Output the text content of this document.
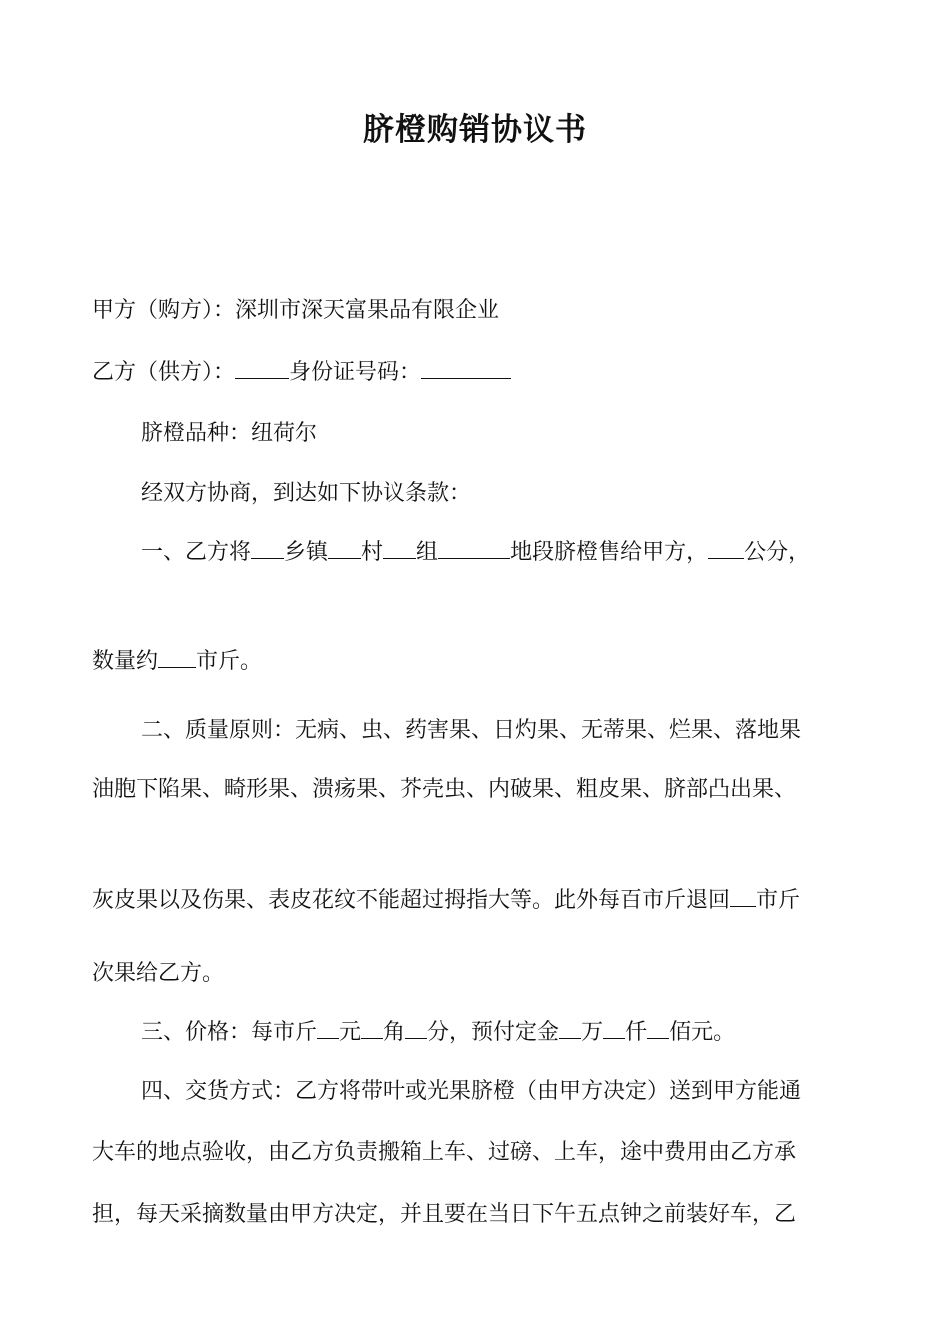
脐橙购销协议书
甲方（购方）：深圳市深天富果品有限企业
乙方（供方）： 身份证号码：
脐橙品种：纽荷尔
经双方协商，到达如下协议条款：
一、乙方将 乡镇 村 组	地段脐橙售给甲方， 公分，
数量约 市斤。
二、质量原则：无病、虫、药害果、日灼果、无蒂果、烂果、落地果
油胞下陷果、畸形果、溃疡果、芥壳虫、内破果、粗皮果、脐部凸出果、
灰皮果以及伤果、表皮花纹不能超过拇指大等。此外每百市斤退回 市斤
次果给乙方。
三、价格：每市斤 元 角 分，预付定金 万 仟 佰元。
四、交货方式：乙方将带叶或光果脐橙（由甲方决定）送到甲方能通
大车的地点验收，由乙方负责搬箱上车、过磅、上车，途中费用由乙方承
担，每天采摘数量由甲方决定，并且要在当日下午五点钟之前装好车，乙
